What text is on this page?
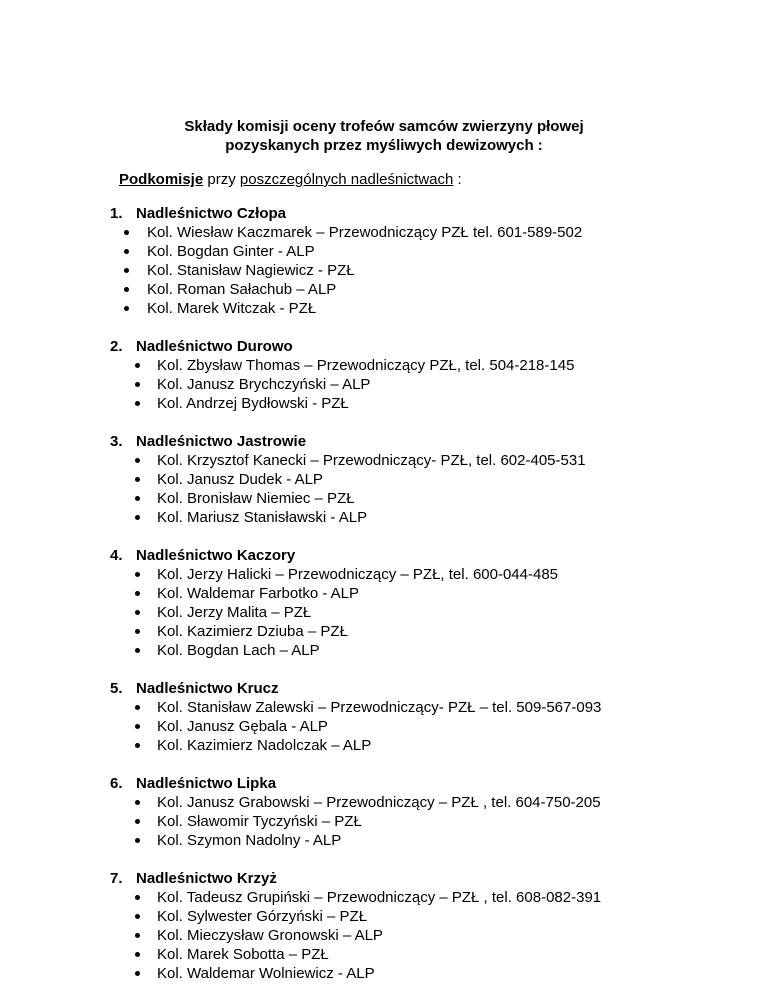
Składy komisji oceny trofeów samców zwierzyny płowej
pozyskanych przez myśliwych dewizowych :
Podkomisje przy poszczególnych nadleśnictwach :
1. Nadleśnictwo Człopa
Kol. Wiesław Kaczmarek – Przewodniczący PZŁ tel. 601-589-502
Kol. Bogdan Ginter - ALP
Kol. Stanisław Nagiewicz - PZŁ
Kol. Roman Sałachub – ALP
Kol. Marek Witczak - PZŁ
2. Nadleśnictwo Durowo
Kol. Zbysław Thomas – Przewodniczący PZŁ, tel. 504-218-145
Kol. Janusz Brychczyński – ALP
Kol. Andrzej Bydłowski - PZŁ
3. Nadleśnictwo Jastrowie
Kol. Krzysztof Kanecki – Przewodniczący- PZŁ, tel. 602-405-531
Kol. Janusz Dudek - ALP
Kol. Bronisław Niemiec – PZŁ
Kol. Mariusz Stanisławski - ALP
4. Nadleśnictwo Kaczory
Kol. Jerzy Halicki – Przewodniczący – PZŁ, tel. 600-044-485
Kol. Waldemar Farbotko - ALP
Kol. Jerzy Malita – PZŁ
Kol. Kazimierz Dziuba – PZŁ
Kol. Bogdan Lach – ALP
5. Nadleśnictwo Krucz
Kol. Stanisław Zalewski – Przewodniczący- PZŁ – tel. 509-567-093
Kol. Janusz Gębala - ALP
Kol. Kazimierz Nadolczak – ALP
6. Nadleśnictwo Lipka
Kol. Janusz Grabowski – Przewodniczący – PZŁ , tel. 604-750-205
Kol. Sławomir Tyczyński – PZŁ
Kol. Szymon Nadolny - ALP
7. Nadleśnictwo Krzyż
Kol. Tadeusz Grupiński – Przewodniczący – PZŁ , tel. 608-082-391
Kol. Sylwester Górzyński – PZŁ
Kol. Mieczysław Gronowski – ALP
Kol. Marek Sobotta – PZŁ
Kol. Waldemar Wolniewicz - ALP
